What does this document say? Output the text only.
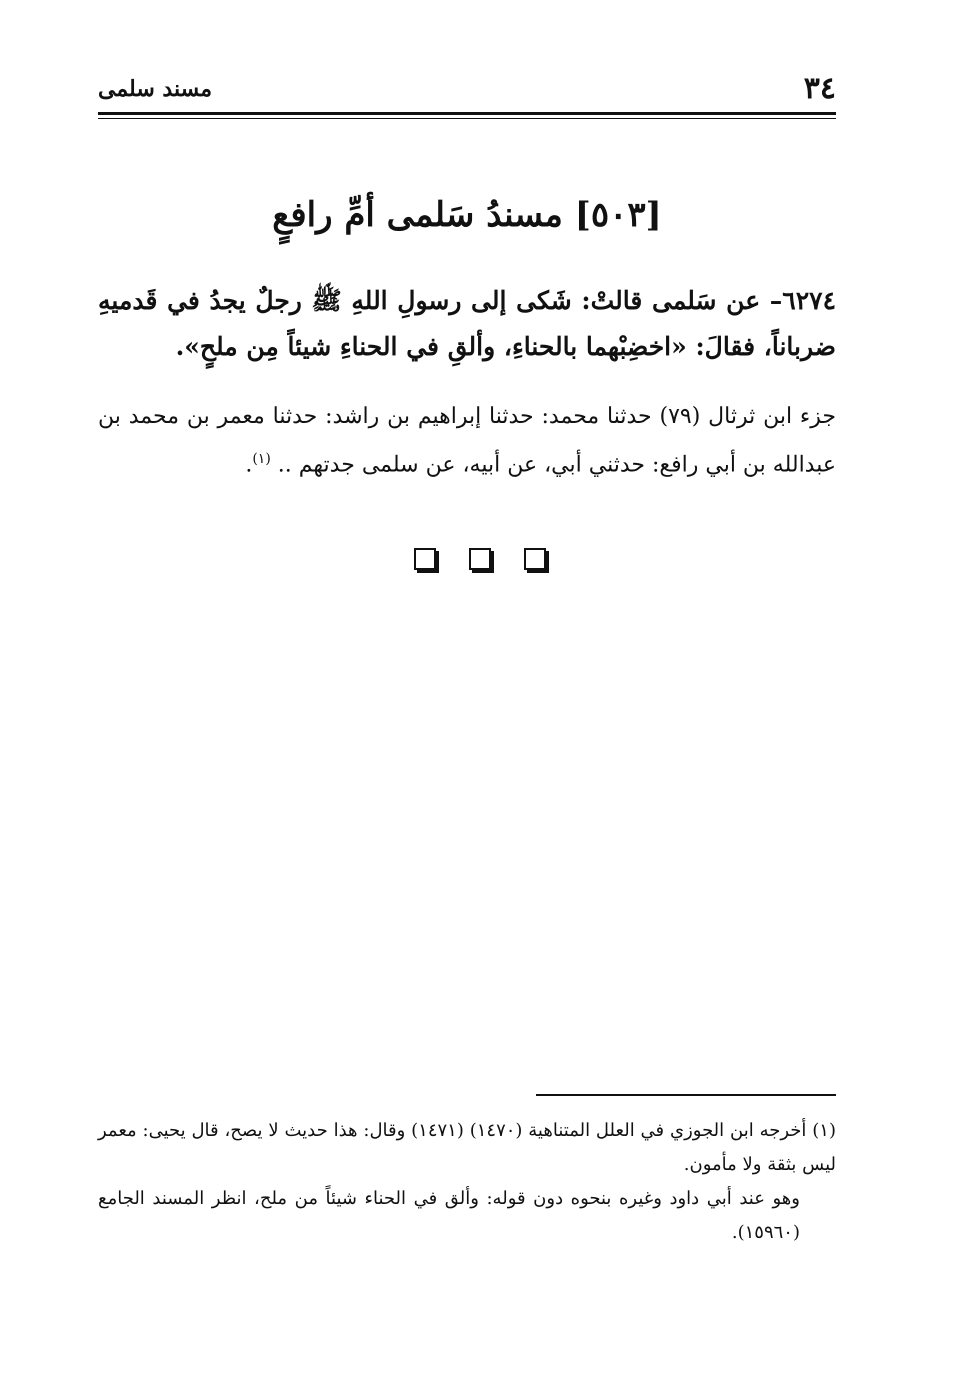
٣٤
مسند سلمى
[٥٠٣] مسندُ سَلمى أمِّ رافعٍ
٦٢٧٤– عن سَلمى قالتْ: شَكى إلى رسولِ اللهِ ﷺ رجلٌ يجدُ في قَدميهِ ضرباناً، فقالَ: «اخضِبْهما بالحناءِ، وألقِ في الحناءِ شيئاً مِن ملحٍ».
جزء ابن ثرثال (٧٩) حدثنا محمد: حدثنا إبراهيم بن راشد: حدثنا معمر بن محمد بن عبدالله بن أبي رافع: حدثني أبي، عن أبيه، عن سلمى جدتهم .. $^{(١)}$.

(١) أخرجه ابن الجوزي في العلل المتناهية (١٤٧٠) (١٤٧١) وقال: هذا حديث لا يصح، قال يحيى: معمر ليس بثقة ولا مأمون.

وهو عند أبي داود وغيره بنحوه دون قوله: وألق في الحناء شيئاً من ملح، انظر المسند الجامع (١٥٩٦٠).
